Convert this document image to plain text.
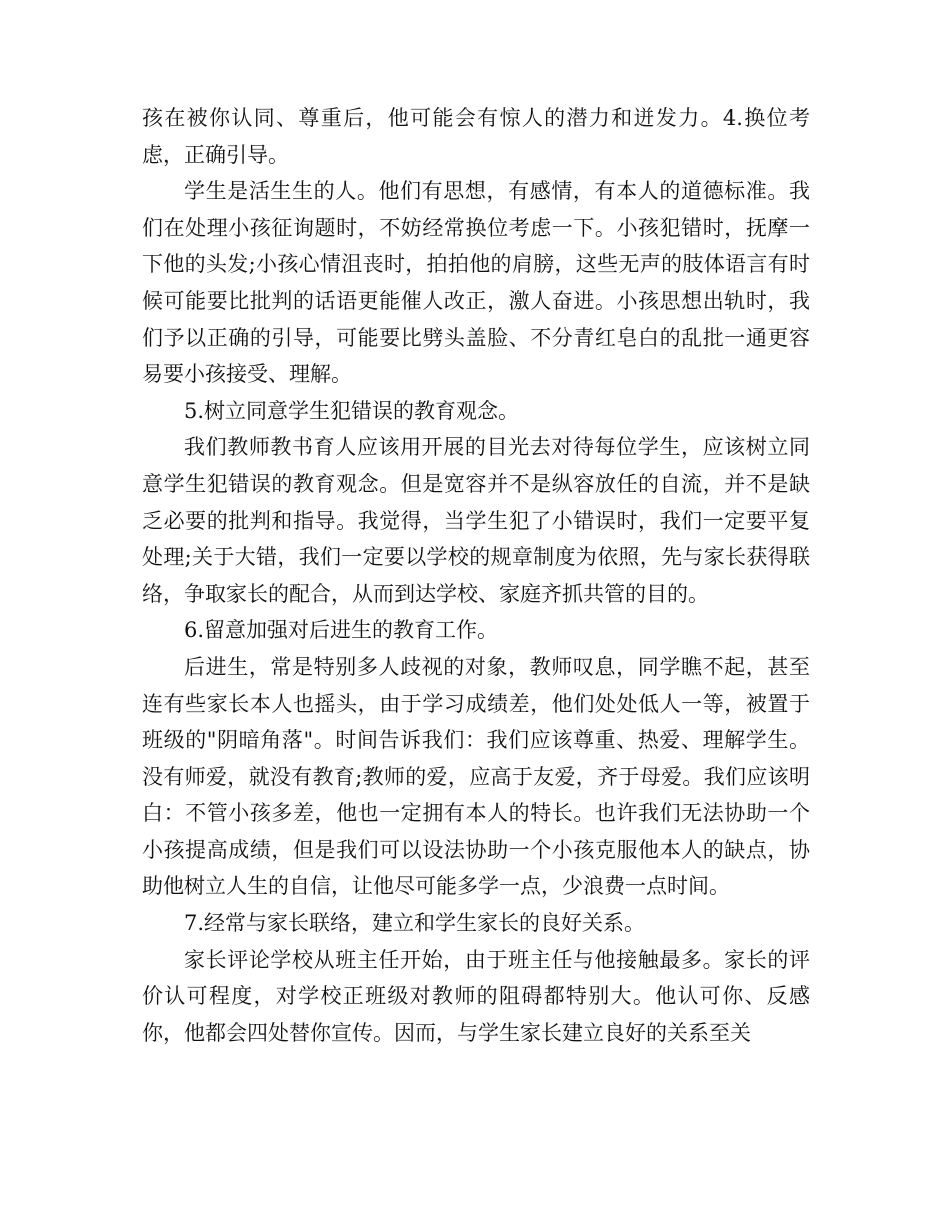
孩在被你认同、尊重后，他可能会有惊人的潜力和迸发力。4.换位考虑，正确引导。

学生是活生生的人。他们有思想，有感情，有本人的道德标准。我们在处理小孩征询题时，不妨经常换位考虑一下。小孩犯错时，抚摩一下他的头发;小孩心情沮丧时，拍拍他的肩膀，这些无声的肢体语言有时候可能要比批判的话语更能催人改正，激人奋进。小孩思想出轨时，我们予以正确的引导，可能要比劈头盖脸、不分青红皂白的乱批一通更容易要小孩接受、理解。

5.树立同意学生犯错误的教育观念。

我们教师教书育人应该用开展的目光去对待每位学生，应该树立同意学生犯错误的教育观念。但是宽容并不是纵容放任的自流，并不是缺乏必要的批判和指导。我觉得，当学生犯了小错误时，我们一定要平复处理;关于大错，我们一定要以学校的规章制度为依照，先与家长获得联络，争取家长的配合，从而到达学校、家庭齐抓共管的目的。

6.留意加强对后进生的教育工作。

后进生，常是特别多人歧视的对象，教师叹息，同学瞧不起，甚至连有些家长本人也摇头，由于学习成绩差，他们处处低人一等，被置于班级的"阴暗角落"。时间告诉我们：我们应该尊重、热爱、理解学生。没有师爱，就没有教育;教师的爱，应高于友爱，齐于母爱。我们应该明白：不管小孩多差，他也一定拥有本人的特长。也许我们无法协助一个小孩提高成绩，但是我们可以设法协助一个小孩克服他本人的缺点，协助他树立人生的自信，让他尽可能多学一点，少浪费一点时间。

7.经常与家长联络，建立和学生家长的良好关系。

家长评论学校从班主任开始，由于班主任与他接触最多。家长的评价认可程度，对学校正班级对教师的阻碍都特别大。他认可你、反感你，他都会四处替你宣传。因而，与学生家长建立良好的关系至关
